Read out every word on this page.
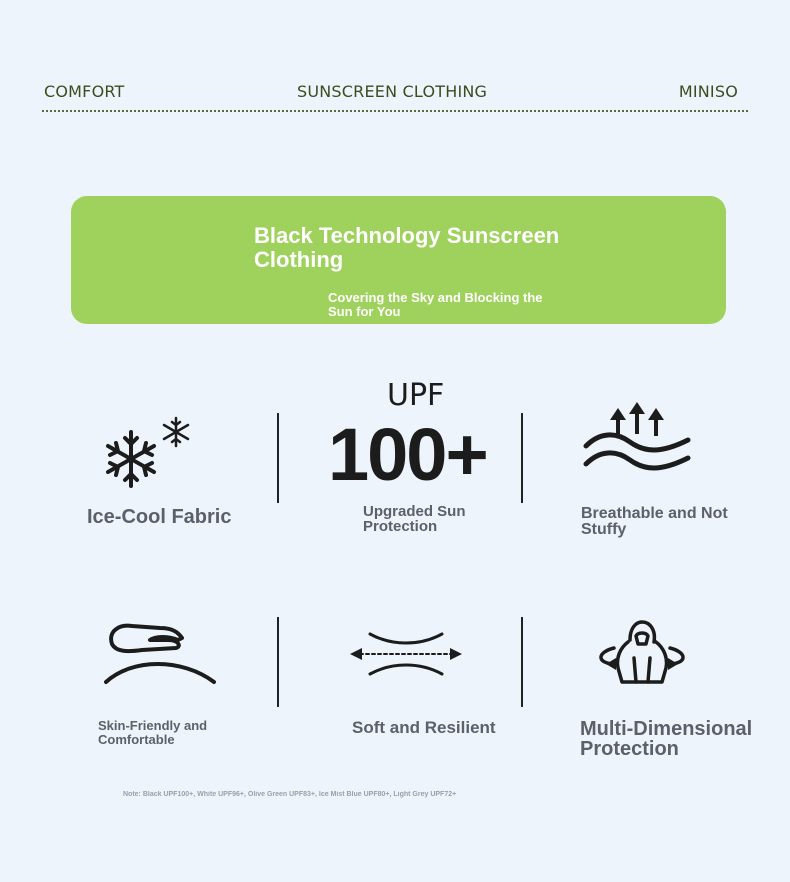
COMFORT	SUNSCREEN CLOTHING	MINISO
Black Technology Sunscreen Clothing
Covering the Sky and Blocking the Sun for You
Ice-Cool Fabric
UPF
100+
Upgraded Sun Protection
Breathable and Not Stuffy
Skin-Friendly and Comfortable
Soft and Resilient	Multi-Dimensional Protection
Note: Black UPF100+, White UPF96+, Olive Green UPF83+, Ice Mist Blue UPF80+, Light Grey UPF72+
